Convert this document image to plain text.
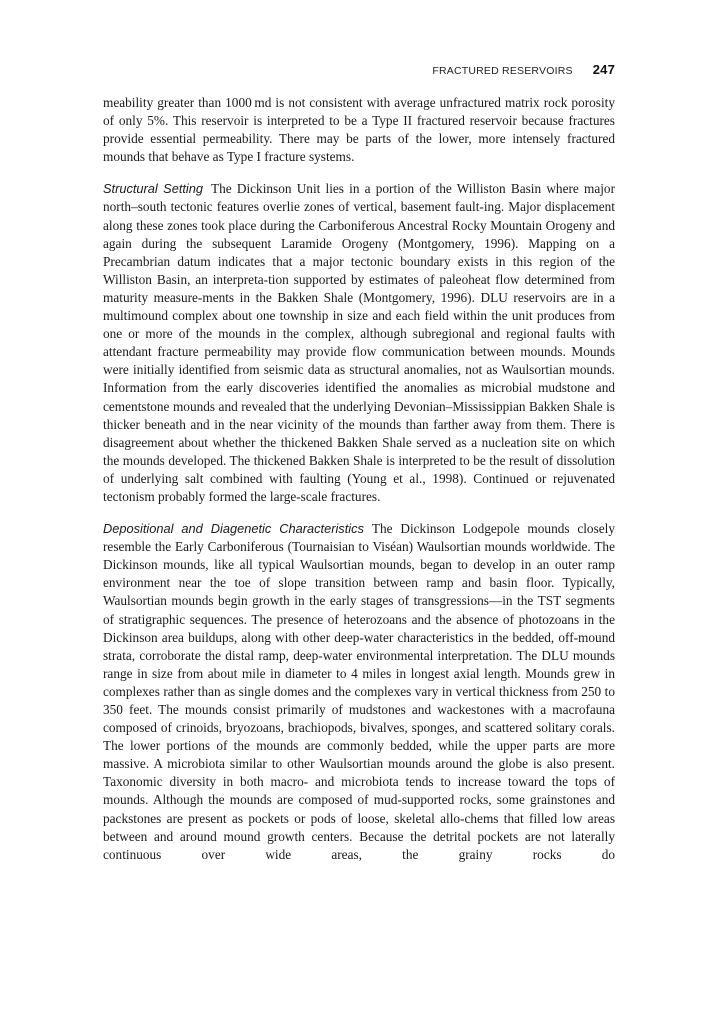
FRACTURED RESERVOIRS 247

meability greater than 1000 md is not consistent with average unfractured matrix rock porosity of only 5%. This reservoir is interpreted to be a Type II fractured reservoir because fractures provide essential permeability. There may be parts of the lower, more intensely fractured mounds that behave as Type I fracture systems.

Structural Setting The Dickinson Unit lies in a portion of the Williston Basin where major north–south tectonic features overlie zones of vertical, basement fault-ing. Major displacement along these zones took place during the Carboniferous Ancestral Rocky Mountain Orogeny and again during the subsequent Laramide Orogeny (Montgomery, 1996). Mapping on a Precambrian datum indicates that a major tectonic boundary exists in this region of the Williston Basin, an interpreta-tion supported by estimates of paleoheat flow determined from maturity measure-ments in the Bakken Shale (Montgomery, 1996). DLU reservoirs are in a multimound complex about one township in size and each field within the unit produces from one or more of the mounds in the complex, although subregional and regional faults with attendant fracture permeability may provide flow communication between mounds. Mounds were initially identified from seismic data as structural anomalies, not as Waulsortian mounds. Information from the early discoveries identified the anomalies as microbial mudstone and cementstone mounds and revealed that the underlying Devonian–Mississippian Bakken Shale is thicker beneath and in the near vicinity of the mounds than farther away from them. There is disagreement about whether the thickened Bakken Shale served as a nucleation site on which the mounds developed. The thickened Bakken Shale is interpreted to be the result of dissolution of underlying salt combined with faulting (Young et al., 1998). Continued or rejuvenated tectonism probably formed the large-scale fractures.

Depositional and Diagenetic Characteristics The Dickinson Lodgepole mounds closely resemble the Early Carboniferous (Tournaisian to Viséan) Waulsortian mounds worldwide. The Dickinson mounds, like all typical Waulsortian mounds, began to develop in an outer ramp environment near the toe of slope transition between ramp and basin floor. Typically, Waulsortian mounds begin growth in the early stages of transgressions—in the TST segments of stratigraphic sequences. The presence of heterozoans and the absence of photozoans in the Dickinson area buildups, along with other deep-water characteristics in the bedded, off-mound strata, corroborate the distal ramp, deep-water environmental interpretation. The DLU mounds range in size from about mile in diameter to 4 miles in longest axial length. Mounds grew in complexes rather than as single domes and the complexes vary in vertical thickness from 250 to 350 feet. The mounds consist primarily of mudstones and wackestones with a macrofauna composed of crinoids, bryozoans, brachiopods, bivalves, sponges, and scattered solitary corals. The lower portions of the mounds are commonly bedded, while the upper parts are more massive. A microbiota similar to other Waulsortian mounds around the globe is also present. Taxonomic diversity in both macro- and microbiota tends to increase toward the tops of mounds. Although the mounds are composed of mud-supported rocks, some grainstones and packstones are present as pockets or pods of loose, skeletal allo-chems that filled low areas between and around mound growth centers. Because the detrital pockets are not laterally continuous over wide areas, the grainy rocks do
